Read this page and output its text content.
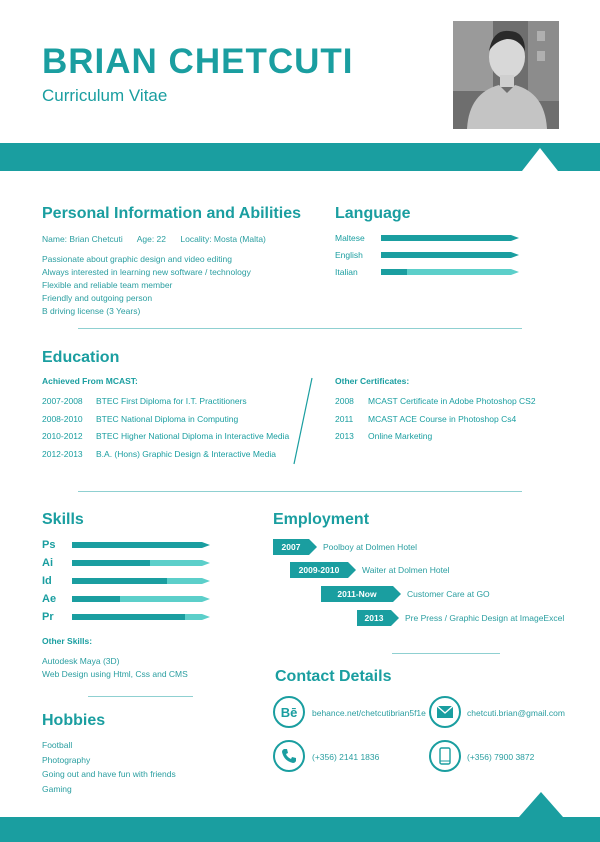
BRIAN CHETCUTI
Curriculum Vitae
Personal Information and Abilities
Name: Brian Chetcuti Age: 22 Locality: Mosta (Malta)
Passionate about graphic design and video editing
Always interested in learning new software / technology
Flexible and reliable team member
Friendly and outgoing person
B driving license (3 Years)
Language
Maltese
English
Italian
Education
Achieved From MCAST:
2007-2008	BTEC First Diploma for I.T. Practitioners
2008-2010	BTEC National Diploma in Computing
2010-2012	BTEC Higher National Diploma in Interactive Media
2012-2013	B.A. (Hons) Graphic Design & Interactive Media
Other Certificates:
2008	MCAST Certificate in Adobe Photoshop CS2
2011	MCAST ACE Course in Photoshop Cs4
2013	Online Marketing
Skills
Ps
Ai
Id
Ae
Pr
Other Skills:
Autodesk Maya (3D)
Web Design using Html, Css and CMS
Hobbies
Football
Photography
Going out and have fun with friends
Gaming
Employment
2007	Poolboy at Dolmen Hotel
2009-2010	Waiter at Dolmen Hotel
2011-Now	Customer Care at GO
2013	Pre Press / Graphic Design at ImageExcel
Contact Details
Bē behance.net/chetcutibrian5f1e	chetcuti.brian@gmail.com
(+356) 2141 1836	(+356) 7900 3872
